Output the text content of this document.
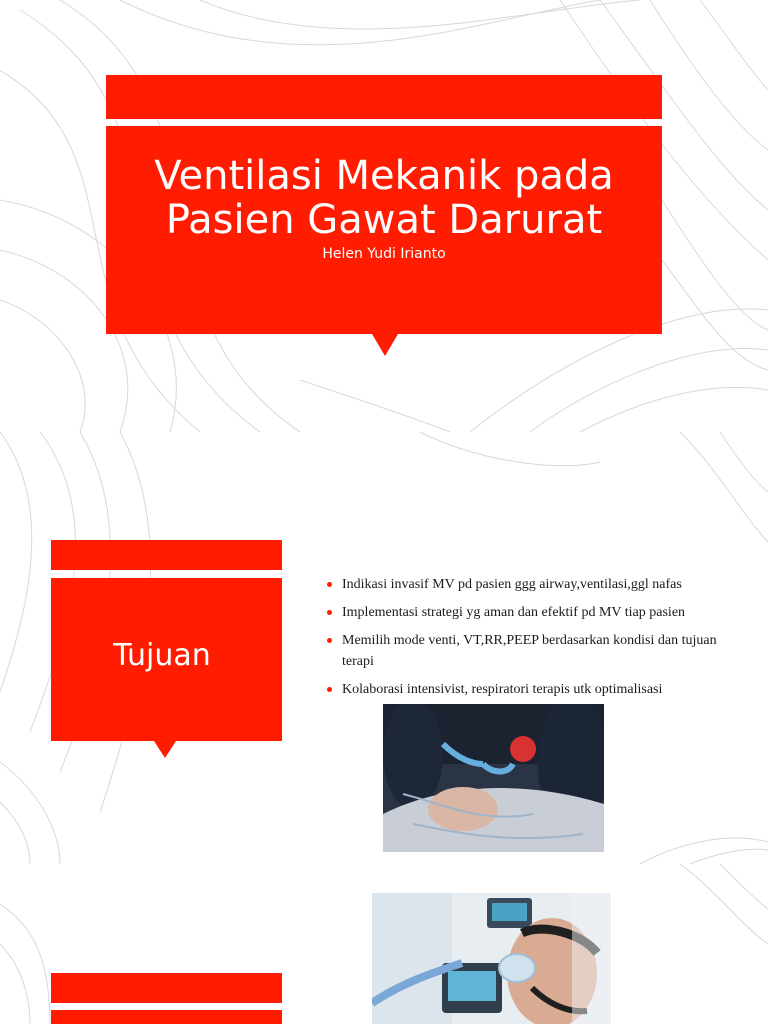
Ventilasi Mekanik pada
Pasien Gawat Darurat
Helen Yudi Irianto
Tujuan
Indikasi invasif MV pd pasien ggg airway,ventilasi,ggl nafas
Implementasi strategi yg aman dan efektif pd MV tiap pasien
Memilih mode venti, VT,RR,PEEP berdasarkan kondisi dan tujuan terapi
Kolaborasi intensivist, respiratori terapis utk optimalisasi
